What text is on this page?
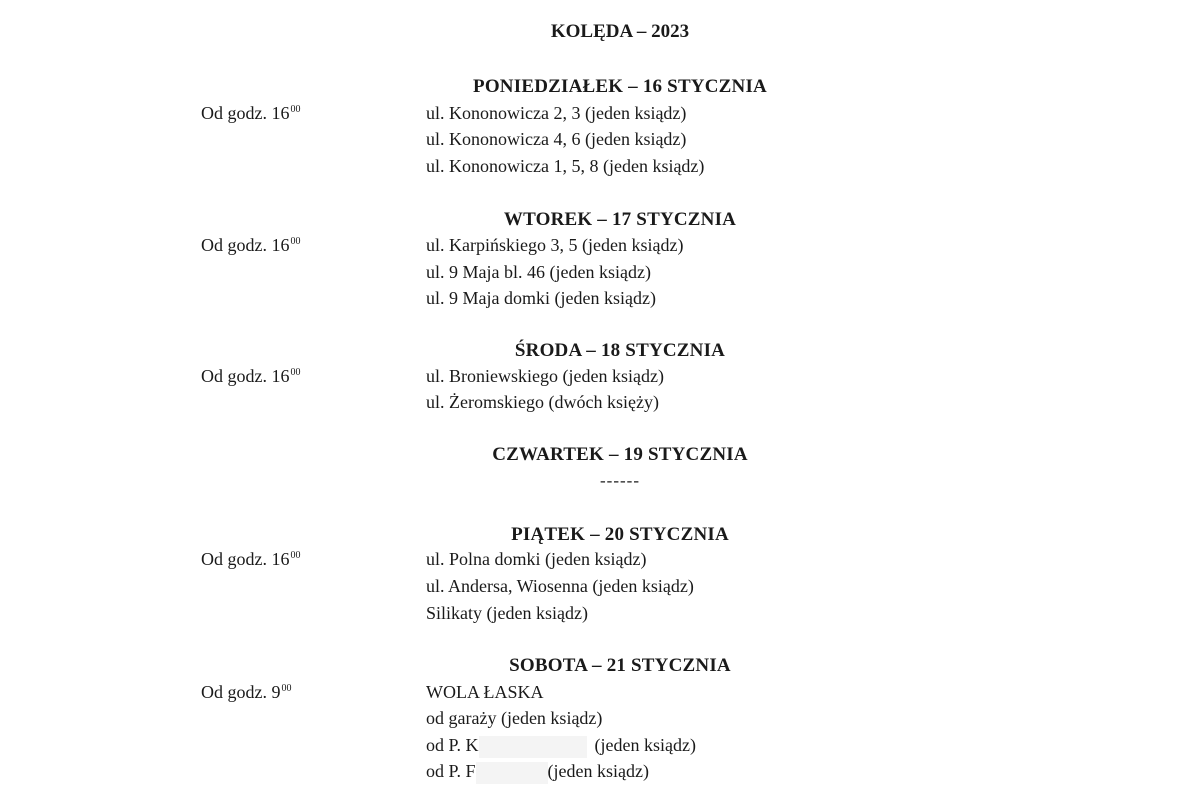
KOLĘDA – 2023
PONIEDZIAŁEK – 16 STYCZNIA
Od godz. $16^{00}$	ul. Kononowicza 2, 3 (jeden ksiądz)
ul. Kononowicza 4, 6 (jeden ksiądz)
ul. Kononowicza 1, 5, 8 (jeden ksiądz)
WTOREK – 17 STYCZNIA
Od godz. $16^{00}$	ul. Karpińskiego 3, 5 (jeden ksiądz)
ul. 9 Maja bl. 46 (jeden ksiądz)
ul. 9 Maja domki (jeden ksiądz)
ŚRODA – 18 STYCZNIA
Od godz. $16^{00}$	ul. Broniewskiego (jeden ksiądz)
ul. Żeromskiego (dwóch księży)
CZWARTEK – 19 STYCZNIA
------
PIĄTEK – 20 STYCZNIA
Od godz. $16^{00}$	ul. Polna domki (jeden ksiądz)
ul. Andersa, Wiosenna (jeden ksiądz)
Silikaty (jeden ksiądz)
SOBOTA – 21 STYCZNIA
Od godz. $9^{00}$	WOLA ŁASKA
od garaży (jeden ksiądz)
od P. K	(jeden ksiądz)
od P. F	(jeden ksiądz)
